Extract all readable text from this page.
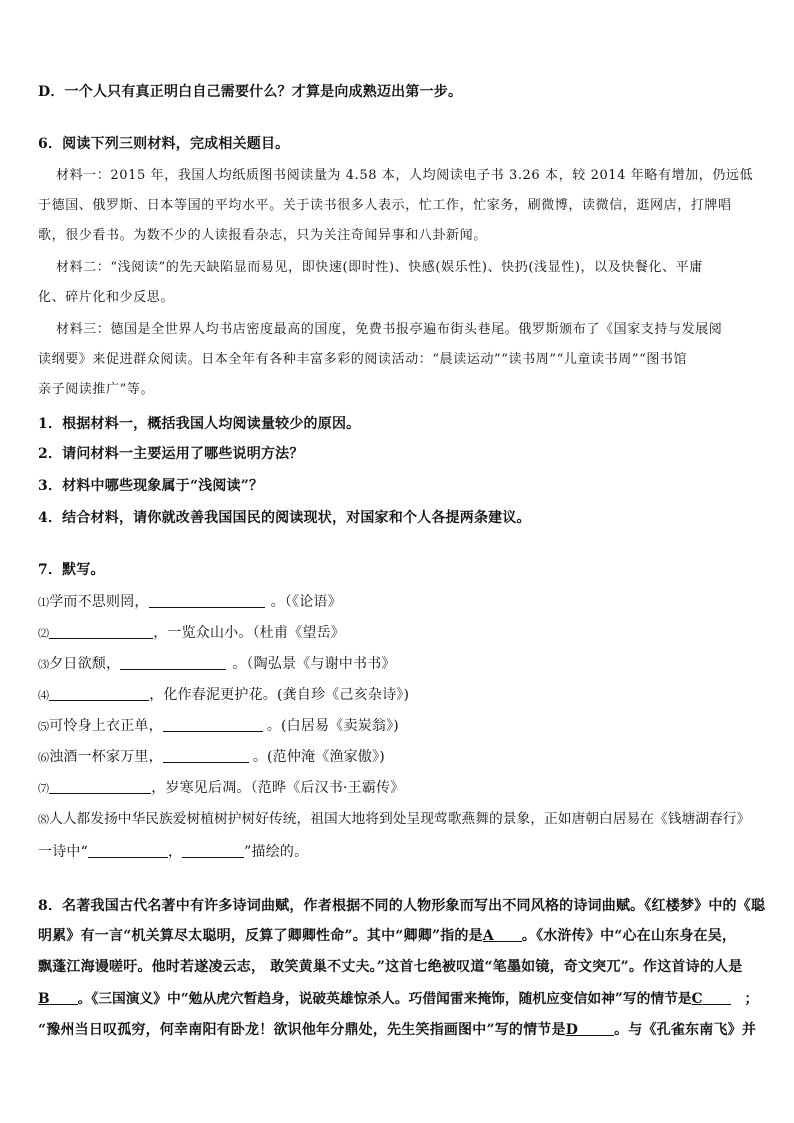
D．一个人只有真正明白自己需要什么？才算是向成熟迈出第一步。
6．阅读下列三则材料，完成相关题目。
材料一：2015 年，我国人均纸质图书阅读量为 4.58 本，人均阅读电子书 3.26 本，较 2014 年略有增加，仍远低
于德国、俄罗斯、日本等国的平均水平。关于读书很多人表示，忙工作，忙家务，刷微博，读微信，逛网店，打牌唱
歌，很少看书。为数不少的人读报看杂志，只为关注奇闻异事和八卦新闻。
材料二：“浅阅读”的先天缺陷显而易见，即快速(即时性)、快感(娱乐性)、快扔(浅显性)，以及快餐化、平庸
化、碎片化和少反思。
材料三：德国是全世界人均书店密度最高的国度，免费书报亭遍布街头巷尾。俄罗斯颁布了《国家支持与发展阅
读纲要》来促进群众阅读。日本全年有各种丰富多彩的阅读活动：“晨读运动”“读书周”“儿童读书周”“图书馆
亲子阅读推广”等。
1．根据材料一，概括我国人均阅读量较少的原因。
2．请问材料一主要运用了哪些说明方法？
3．材料中哪些现象属于“浅阅读”？
4．结合材料，请你就改善我国国民的阅读现状，对国家和个人各提两条建议。
7．默写。
⑴学而不思则罔，	。（《论语》
⑵	，一览众山小。（杜甫《望岳》
⑶夕日欲颓，	。（陶弘景《与谢中书书》
⑷	，化作春泥更护花。(龚自珍《己亥杂诗》)
⑸可怜身上衣正单，	。(白居易《卖炭翁》)
⑹浊酒一杯家万里，	。(范仲淹《渔家傲》)
⑺	，岁寒见后凋。（范晔《后汉书·王霸传》
⑻人人都发扬中华民族爱树植树护树好传统，祖国大地将到处呈现莺歌燕舞的景象，正如唐朝白居易在《钱塘湖春行》
一诗中“	，	”描绘的。
8．名著我国古代名著中有许多诗词曲赋，作者根据不同的人物形象而写出不同风格的诗词曲赋。《红楼梦》中的《聪
明累》有一言“机关算尽太聪明，反算了卿卿性命”。其中“卿卿”指的是A 。《水浒传》中“心在山东身在吴，
飘蓬江海谩嗟吁。他时若遂凌云志， 敢笑黄巢不丈夫。”这首七绝被叹道“笔墨如镜，奇文突兀”。作这首诗的人是
B 。《三国演义》中“勉从虎穴暂趋身，说破英雄惊杀人。巧借闻雷来掩饰，随机应变信如神”写的情节是C	；
“豫州当日叹孤穷，何幸南阳有卧龙！欲识他年分鼎处，先生笑指画图中”写的情节是D	。与《孔雀东南飞》并
